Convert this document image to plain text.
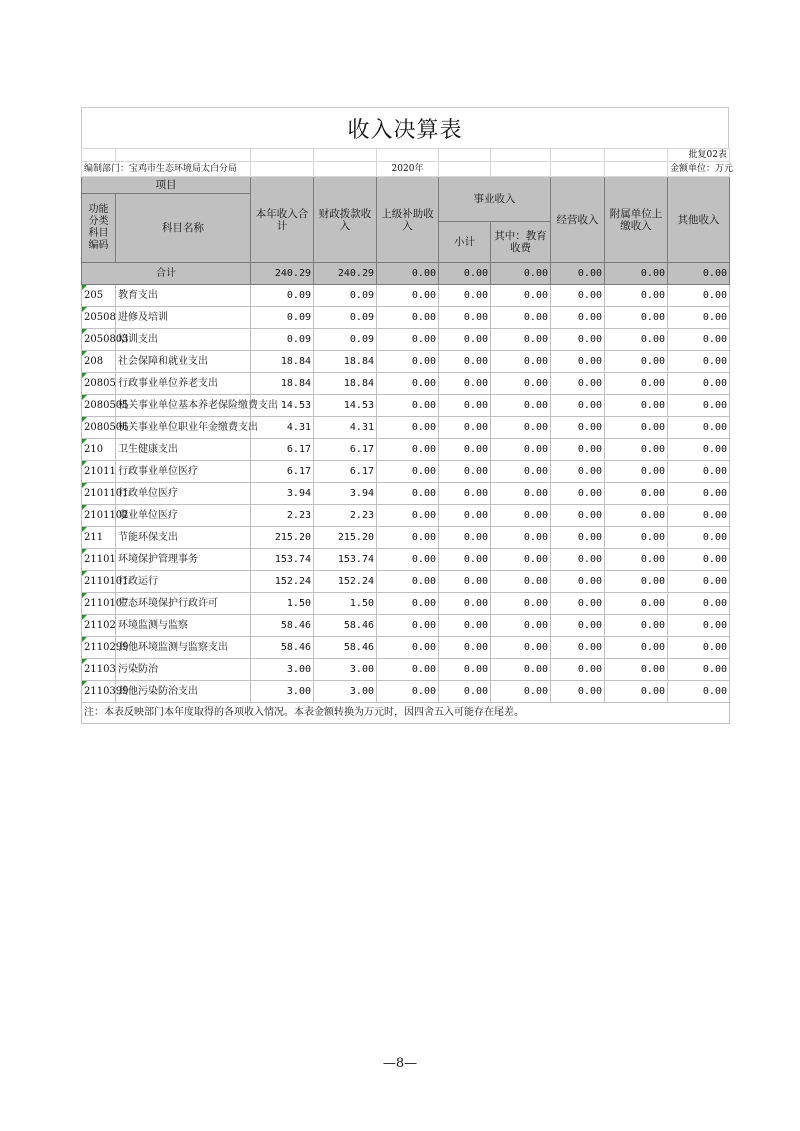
收入决算表
									批复02表
编制部门：宝鸡市生态环境局太白分局				2020年					金额单位：万元
项目		本年收入合计	财政拨款收入	上级补助收入	事业收入		经营收入	附属单位上缴收入	其他收入
功能分类科目编码	科目名称								
					小计	其中：教育收费			
合计		240.29	240.29	0.00	0.00	0.00	0.00	0.00	0.00
205	教育支出	0.09	0.09	0.00	0.00	0.00	0.00	0.00	0.00
20508	进修及培训	0.09	0.09	0.00	0.00	0.00	0.00	0.00	0.00
2050803	培训支出	0.09	0.09	0.00	0.00	0.00	0.00	0.00	0.00
208	社会保障和就业支出	18.84	18.84	0.00	0.00	0.00	0.00	0.00	0.00
20805	行政事业单位养老支出	18.84	18.84	0.00	0.00	0.00	0.00	0.00	0.00
2080505	机关事业单位基本养老保险缴费支出	14.53	14.53	0.00	0.00	0.00	0.00	0.00	0.00
2080506	机关事业单位职业年金缴费支出	4.31	4.31	0.00	0.00	0.00	0.00	0.00	0.00
210	卫生健康支出	6.17	6.17	0.00	0.00	0.00	0.00	0.00	0.00
21011	行政事业单位医疗	6.17	6.17	0.00	0.00	0.00	0.00	0.00	0.00
2101101	行政单位医疗	3.94	3.94	0.00	0.00	0.00	0.00	0.00	0.00
2101102	事业单位医疗	2.23	2.23	0.00	0.00	0.00	0.00	0.00	0.00
211	节能环保支出	215.20	215.20	0.00	0.00	0.00	0.00	0.00	0.00
21101	环境保护管理事务	153.74	153.74	0.00	0.00	0.00	0.00	0.00	0.00
2110101	行政运行	152.24	152.24	0.00	0.00	0.00	0.00	0.00	0.00
2110107	生态环境保护行政许可	1.50	1.50	0.00	0.00	0.00	0.00	0.00	0.00
21102	环境监测与监察	58.46	58.46	0.00	0.00	0.00	0.00	0.00	0.00
2110299	其他环境监测与监察支出	58.46	58.46	0.00	0.00	0.00	0.00	0.00	0.00
21103	污染防治	3.00	3.00	0.00	0.00	0.00	0.00	0.00	0.00
2110399	其他污染防治支出	3.00	3.00	0.00	0.00	0.00	0.00	0.00	0.00
注：本表反映部门本年度取得的各项收入情况。本表金额转换为万元时，因四舍五入可能存在尾差。									
—8—
